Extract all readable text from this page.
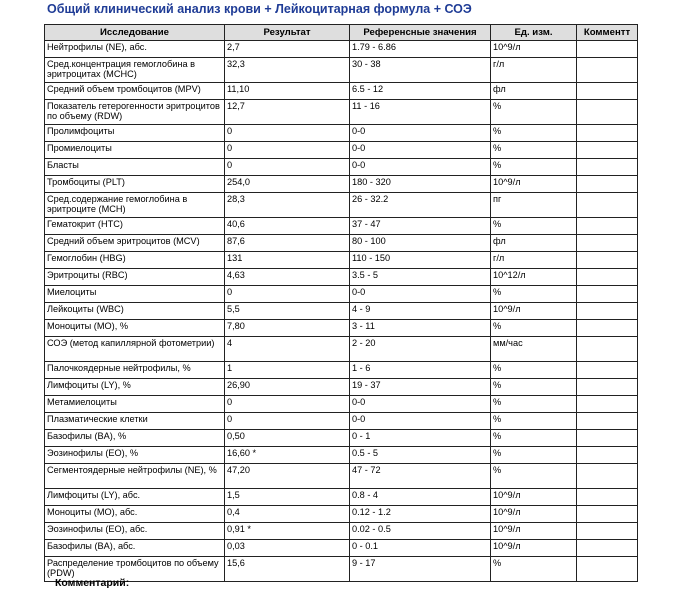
Общий клинический анализ крови + Лейкоцитарная формула + СОЭ
Исследование	Результат	Референсные значения	Ед. изм.	Комментт
Нейтрофилы (NE), абс.	2,7	1.79 - 6.86	10^9/л	
Сред.концентрация гемоглобина в эритроцитах (MCHC)	32,3	30 - 38	г/л	
Средний объем тромбоцитов (MPV)	11,10	6.5 - 12	фл	
Показатель гетерогенности эритроцитов по объему (RDW)	12,7	11 - 16	%	
Пролимфоциты	0	0-0	%	
Промиелоциты	0	0-0	%	
Бласты	0	0-0	%	
Тромбоциты (PLT)	254,0	180 - 320	10^9/л	
Сред.содержание гемоглобина в эритроците (MCH)	28,3	26 - 32.2	пг	
Гематокрит (HTC)	40,6	37 - 47	%	
Средний объем эритроцитов (MCV)	87,6	80 - 100	фл	
Гемоглобин (HBG)	131	110 - 150	г/л	
Эритроциты (RBC)	4,63	3.5 - 5	10^12/л	
Миелоциты	0	0-0	%	
Лейкоциты (WBC)	5,5	4 - 9	10^9/л	
Моноциты (MO), %	7,80	3 - 11	%	
СОЭ (метод капиллярной фотометрии)	4	2 - 20	мм/час	
Палочкоядерные нейтрофилы, %	1	1 - 6	%	
Лимфоциты (LY), %	26,90	19 - 37	%	
Метамиелоциты	0	0-0	%	
Плазматические клетки	0	0-0	%	
Базофилы (BA), %	0,50	0 - 1	%	
Эозинофилы (EO), %	16,60 *	0.5 - 5	%	
Сегментоядерные нейтрофилы (NE), %	47,20	47 - 72	%	
Лимфоциты (LY), абс.	1,5	0.8 - 4	10^9/л	
Моноциты (MO), абс.	0,4	0.12 - 1.2	10^9/л	
Эозинофилы (EO), абс.	0,91 *	0.02 - 0.5	10^9/л	
Базофилы (BA), абс.	0,03	0 - 0.1	10^9/л	
Распределение тромбоцитов по объему (PDW)	15,6	9 - 17	%	
Комментарий:
